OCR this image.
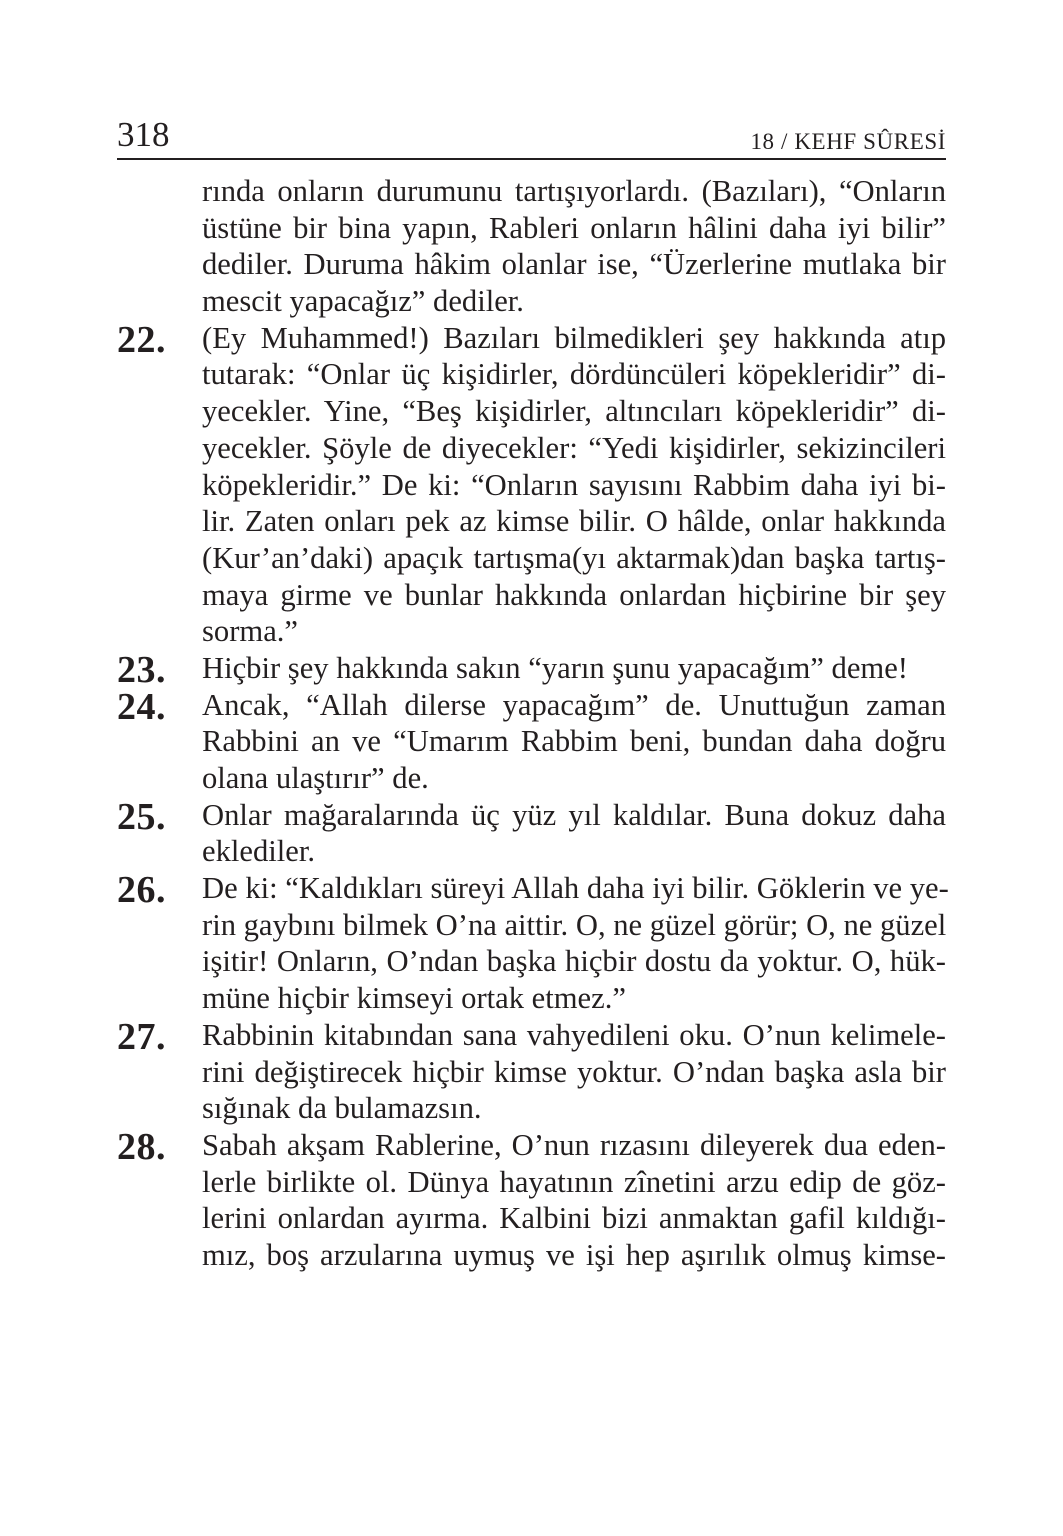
318	18 / KEHF SÛRESİ
rında onların durumunu tartışıyorlardı. (Bazıları), “Onların
üstüne bir bina yapın, Rableri onların hâlini daha iyi bilir”
dediler. Duruma hâkim olanlar ise, “Üzerlerine mutlaka bir
mescit yapacağız” dediler.
22. (Ey Muhammed!) Bazıları bilmedikleri şey hakkında atıp
tutarak: “Onlar üç kişidirler, dördüncüleri köpekleridir” di-
yecekler. Yine, “Beş kişidirler, altıncıları köpekleridir” di-
yecekler. Şöyle de diyecekler: “Yedi kişidirler, sekizincileri
köpekleridir.” De ki: “Onların sayısını Rabbim daha iyi bi-
lir. Zaten onları pek az kimse bilir. O hâlde, onlar hakkında
(Kur’an’daki) apaçık tartışma(yı aktarmak)dan başka tartış-
maya girme ve bunlar hakkında onlardan hiçbirine bir şey
sorma.”
23. Hiçbir şey hakkında sakın “yarın şunu yapacağım” deme!
24. Ancak, “Allah dilerse yapacağım” de. Unuttuğun zaman
Rabbini an ve “Umarım Rabbim beni, bundan daha doğru
olana ulaştırır” de.
25. Onlar mağaralarında üç yüz yıl kaldılar. Buna dokuz daha
eklediler.
26. De ki: “Kaldıkları süreyi Allah daha iyi bilir. Göklerin ve ye-
rin gaybını bilmek O’na aittir. O, ne güzel görür; O, ne güzel
işitir! Onların, O’ndan başka hiçbir dostu da yoktur. O, hük-
müne hiçbir kimseyi ortak etmez.”
27. Rabbinin kitabından sana vahyedileni oku. O’nun kelimele-
rini değiştirecek hiçbir kimse yoktur. O’ndan başka asla bir
sığınak da bulamazsın.
28. Sabah akşam Rablerine, O’nun rızasını dileyerek dua eden-
lerle birlikte ol. Dünya hayatının zînetini arzu edip de göz-
lerini onlardan ayırma. Kalbini bizi anmaktan gafil kıldığı-
mız, boş arzularına uymuş ve işi hep aşırılık olmuş kimse-
